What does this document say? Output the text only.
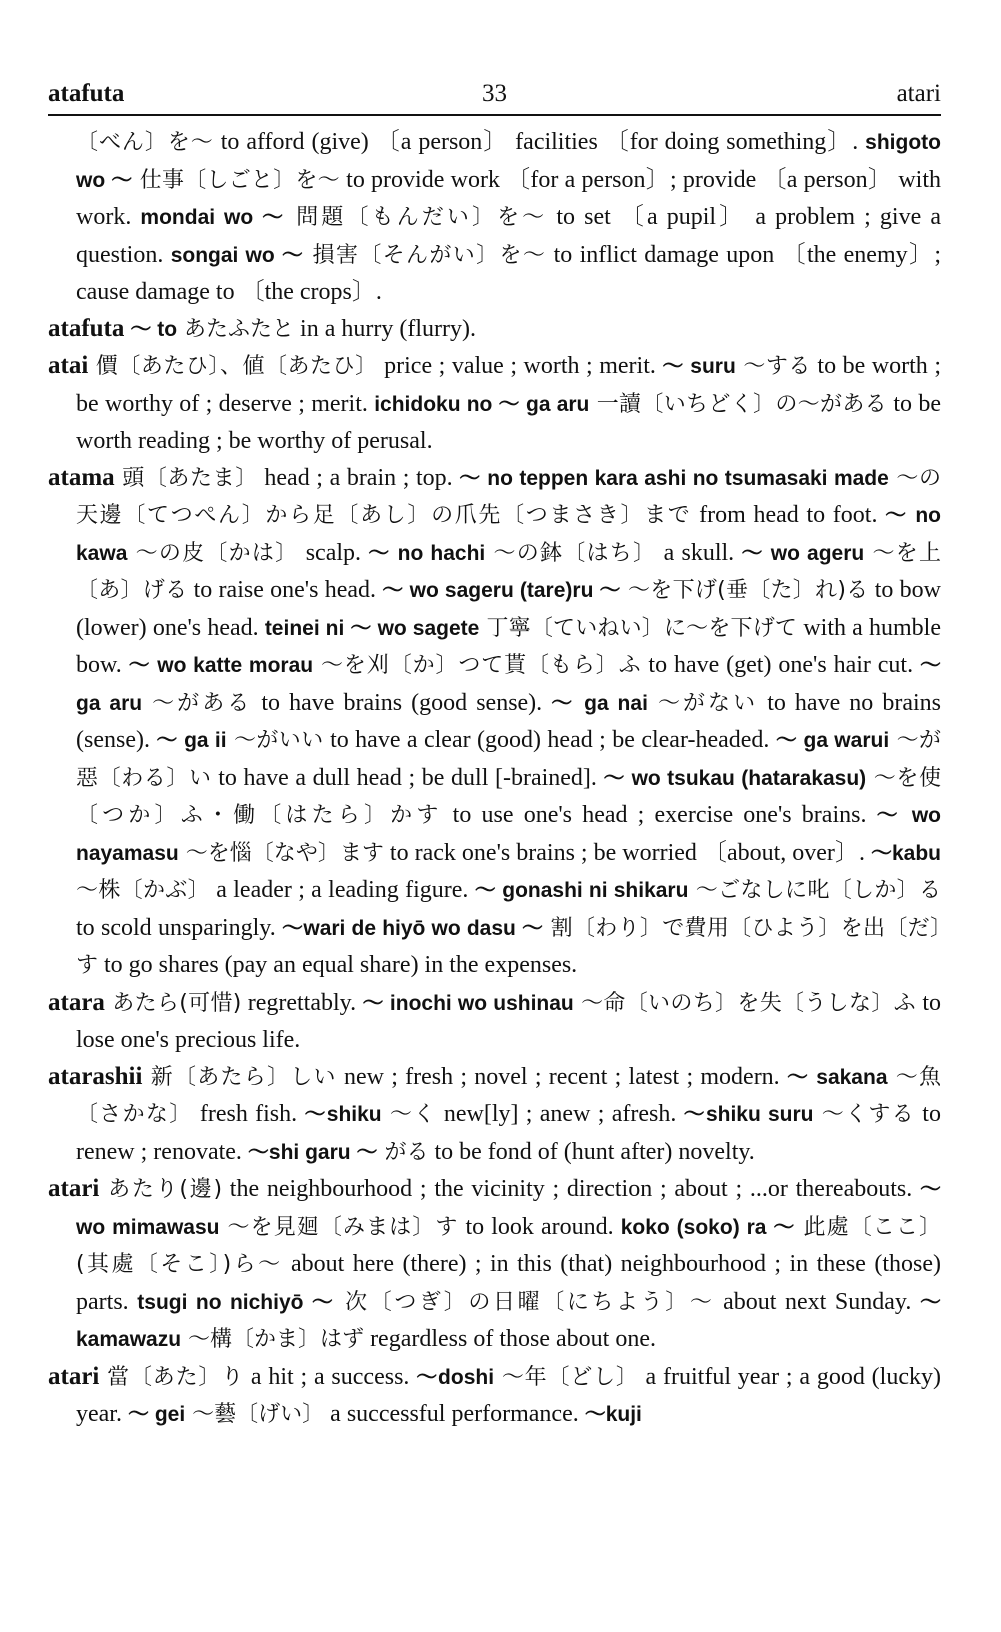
atafuta	33	atari

〔べん〕を～ to afford (give) 〔a person〕 facilities 〔for doing something〕. shigoto wo ～ 仕事〔しごと〕を～ to provide work 〔for a person〕; provide 〔a person〕 with work. mondai wo ～ 問題〔もんだい〕を～ to set 〔a pupil〕 a problem ; give a question. songai wo ～ 損害〔そんがい〕を～ to inflict damage upon 〔the enemy〕; cause damage to 〔the crops〕.

atafuta ～ to あたふたと in a hurry (flurry).

atai 價〔あたひ〕、値〔あたひ〕 price ; value ; worth ; merit. ～ suru ～する to be worth ; be worthy of ; deserve ; merit. ichidoku no ～ ga aru 一讀〔いちどく〕の～がある to be worth reading ; be worthy of perusal.

atama 頭〔あたま〕 head ; a brain ; top. ～ no teppen kara ashi no tsumasaki made ～の天邊〔てつぺん〕から足〔あし〕の爪先〔つまさき〕まで from head to foot. ～ no kawa ～の皮〔かは〕 scalp. ～ no hachi ～の鉢〔はち〕 a skull. ～ wo ageru ～を上〔あ〕げる to raise one's head. ～ wo sageru (tare)ru ～ ～を下げ(垂〔た〕れ)る to bow (lower) one's head. teinei ni ～ wo sagete 丁寧〔ていねい〕に～を下げて with a humble bow. ～ wo katte morau ～を刈〔か〕つて貰〔もら〕ふ to have (get) one's hair cut. ～ ga aru ～がある to have brains (good sense). ～ ga nai ～がない to have no brains (sense). ～ ga ii ～がいい to have a clear (good) head ; be clear-headed. ～ ga warui ～が惡〔わる〕い to have a dull head ; be dull [-brained]. ～ wo tsukau (hatarakasu) ～を使〔つか〕ふ・働〔はたら〕かす to use one's head ; exercise one's brains. ～ wo nayamasu ～を惱〔なや〕ます to rack one's brains ; be worried 〔about, over〕. ～kabu ～株〔かぶ〕 a leader ; a leading figure. ～ gonashi ni shikaru ～ごなしに叱〔しか〕る to scold unsparingly. ～wari de hiyō wo dasu ～ 割〔わり〕で費用〔ひよう〕を出〔だ〕す to go shares (pay an equal share) in the expenses.

atara あたら(可惜) regrettably. ～ inochi wo ushinau ～命〔いのち〕を失〔うしな〕ふ to lose one's precious life.

atarashii 新〔あたら〕しい new ; fresh ; novel ; recent ; latest ; modern. ～ sakana ～魚〔さかな〕 fresh fish. ～shiku ～く new[ly] ; anew ; afresh. ～shiku suru ～くする to renew ; renovate. ～shi garu ～ がる to be fond of (hunt after) novelty.

atari あたり(邊) the neighbourhood ; the vicinity ; direction ; about ; ...or thereabouts. ～ wo mimawasu ～を見廻〔みまは〕す to look around. koko (soko) ra ～ 此處〔ここ〕(其處〔そこ〕)ら～ about here (there) ; in this (that) neighbourhood ; in these (those) parts. tsugi no nichiyō ～ 次〔つぎ〕の日曜〔にちよう〕～ about next Sunday. ～ kamawazu ～構〔かま〕はず regardless of those about one.

atari 當〔あた〕り a hit ; a success. ～doshi ～年〔どし〕 a fruitful year ; a good (lucky) year. ～ gei ～藝〔げい〕 a successful performance. ～kuji
